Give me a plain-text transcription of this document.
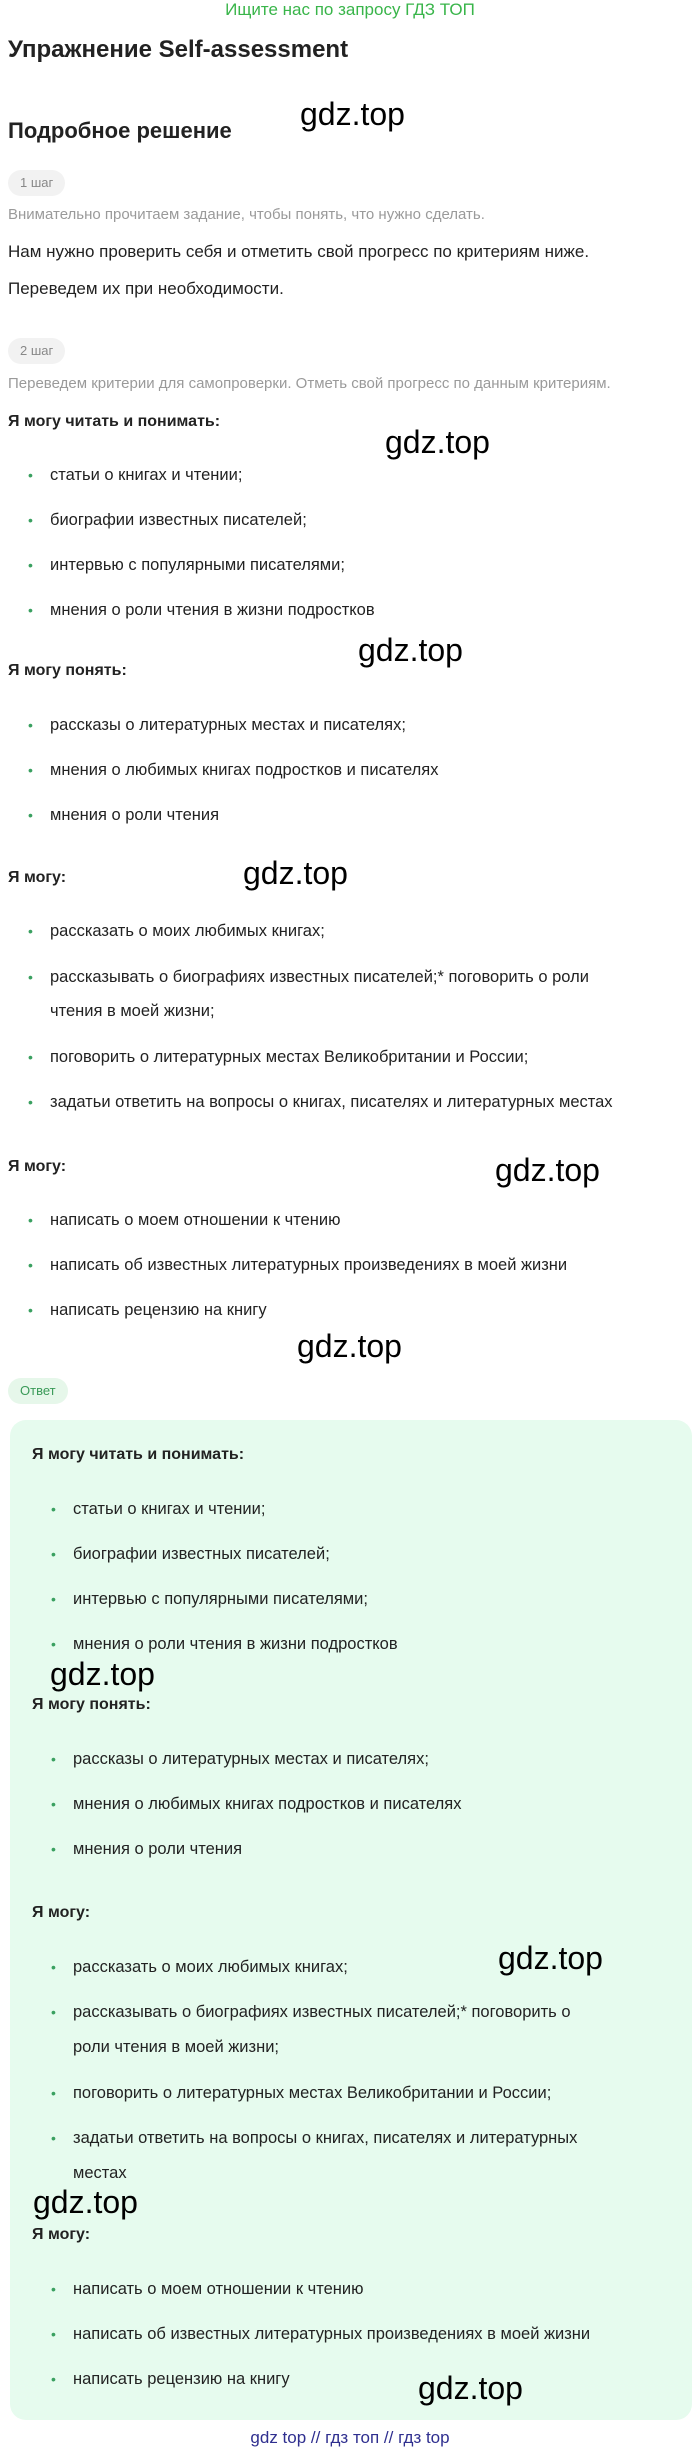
Ищите нас по запросу ГДЗ ТОП
Упражнение Self-assessment
Подробное решение
1 шаг
Внимательно прочитаем задание, чтобы понять, что нужно сделать.
Нам нужно проверить себя и отметить свой прогресс по критериям ниже.
Переведем их при необходимости.
2 шаг
Переведем критерии для самопроверки. Отметь свой прогресс по данным критериям.
Я могу читать и понимать:
• статьи о книгах и чтении;
• биографии известных писателей;
• интервью с популярными писателями;
• мнения о роли чтения в жизни подростков
Я могу понять:
• рассказы о литературных местах и писателях;
• мнения о любимых книгах подростков и писателях
• мнения о роли чтения
Я могу:
• рассказать о моих любимых книгах;
• рассказывать о биографиях известных писателей;* поговорить о роли
чтения в моей жизни;
• поговорить о литературных местах Великобритании и России;
• задатьи ответить на вопросы о книгах, писателях и литературных местах
Я могу:
• написать о моем отношении к чтению
• написать об известных литературных произведениях в моей жизни
• написать рецензию на книгу
Ответ
Я могу читать и понимать:
• статьи о книгах и чтении;
• биографии известных писателей;
• интервью с популярными писателями;
• мнения о роли чтения в жизни подростков
Я могу понять:
• рассказы о литературных местах и писателях;
• мнения о любимых книгах подростков и писателях
• мнения о роли чтения
Я могу:
• рассказать о моих любимых книгах;
• рассказывать о биографиях известных писателей;* поговорить о
роли чтения в моей жизни;
• поговорить о литературных местах Великобритании и России;
• задатьи ответить на вопросы о книгах, писателях и литературных
местах
Я могу:
• написать о моем отношении к чтению
• написать об известных литературных произведениях в моей жизни
• написать рецензию на книгу
gdz.top
gdz.top
gdz.top
gdz.top
gdz.top
gdz.top
gdz.top
gdz.top
gdz.top
gdz.top
gdz top // гдз топ // гдз top
